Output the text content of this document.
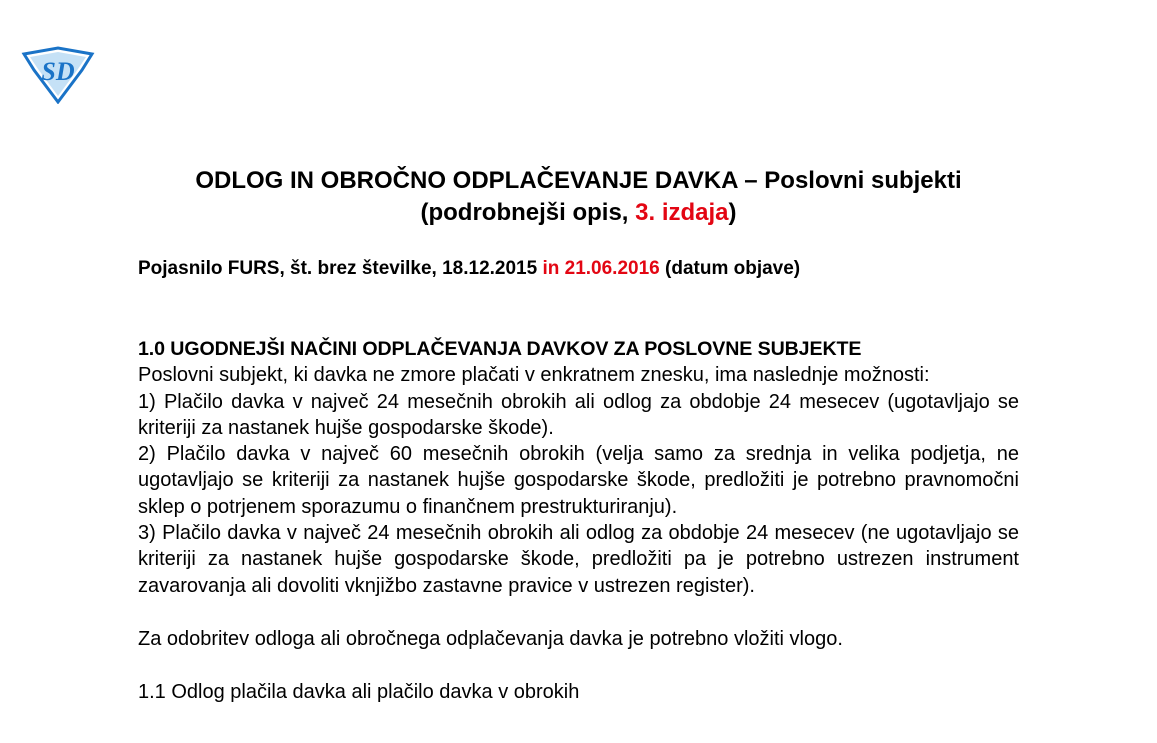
SD
ODLOG IN OBROČNO ODPLAČEVANJE DAVKA – Poslovni subjekti
(podrobnejši opis, 3. izdaja)
Pojasnilo FURS, št. brez številke, 18.12.2015 in 21.06.2016 (datum objave)
1.0 UGODNEJŠI NAČINI ODPLAČEVANJA DAVKOV ZA POSLOVNE SUBJEKTE

Poslovni subjekt, ki davka ne zmore plačati v enkratnem znesku, ima naslednje možnosti:

1) Plačilo davka v največ 24 mesečnih obrokih ali odlog za obdobje 24 mesecev (ugotavljajo se kriteriji za nastanek hujše gospodarske škode).

2) Plačilo davka v največ 60 mesečnih obrokih (velja samo za srednja in velika podjetja, ne ugotavljajo se kriteriji za nastanek hujše gospodarske škode, predložiti je potrebno pravnomočni sklep o potrjenem sporazumu o finančnem prestrukturiranju).

3) Plačilo davka v največ 24 mesečnih obrokih ali odlog za obdobje 24 mesecev (ne ugotavljajo se kriteriji za nastanek hujše gospodarske škode, predložiti pa je potrebno ustrezen instrument zavarovanja ali dovoliti vknjižbo zastavne pravice v ustrezen register).

Za odobritev odloga ali obročnega odplačevanja davka je potrebno vložiti vlogo.

1.1 Odlog plačila davka ali plačilo davka v obrokih
